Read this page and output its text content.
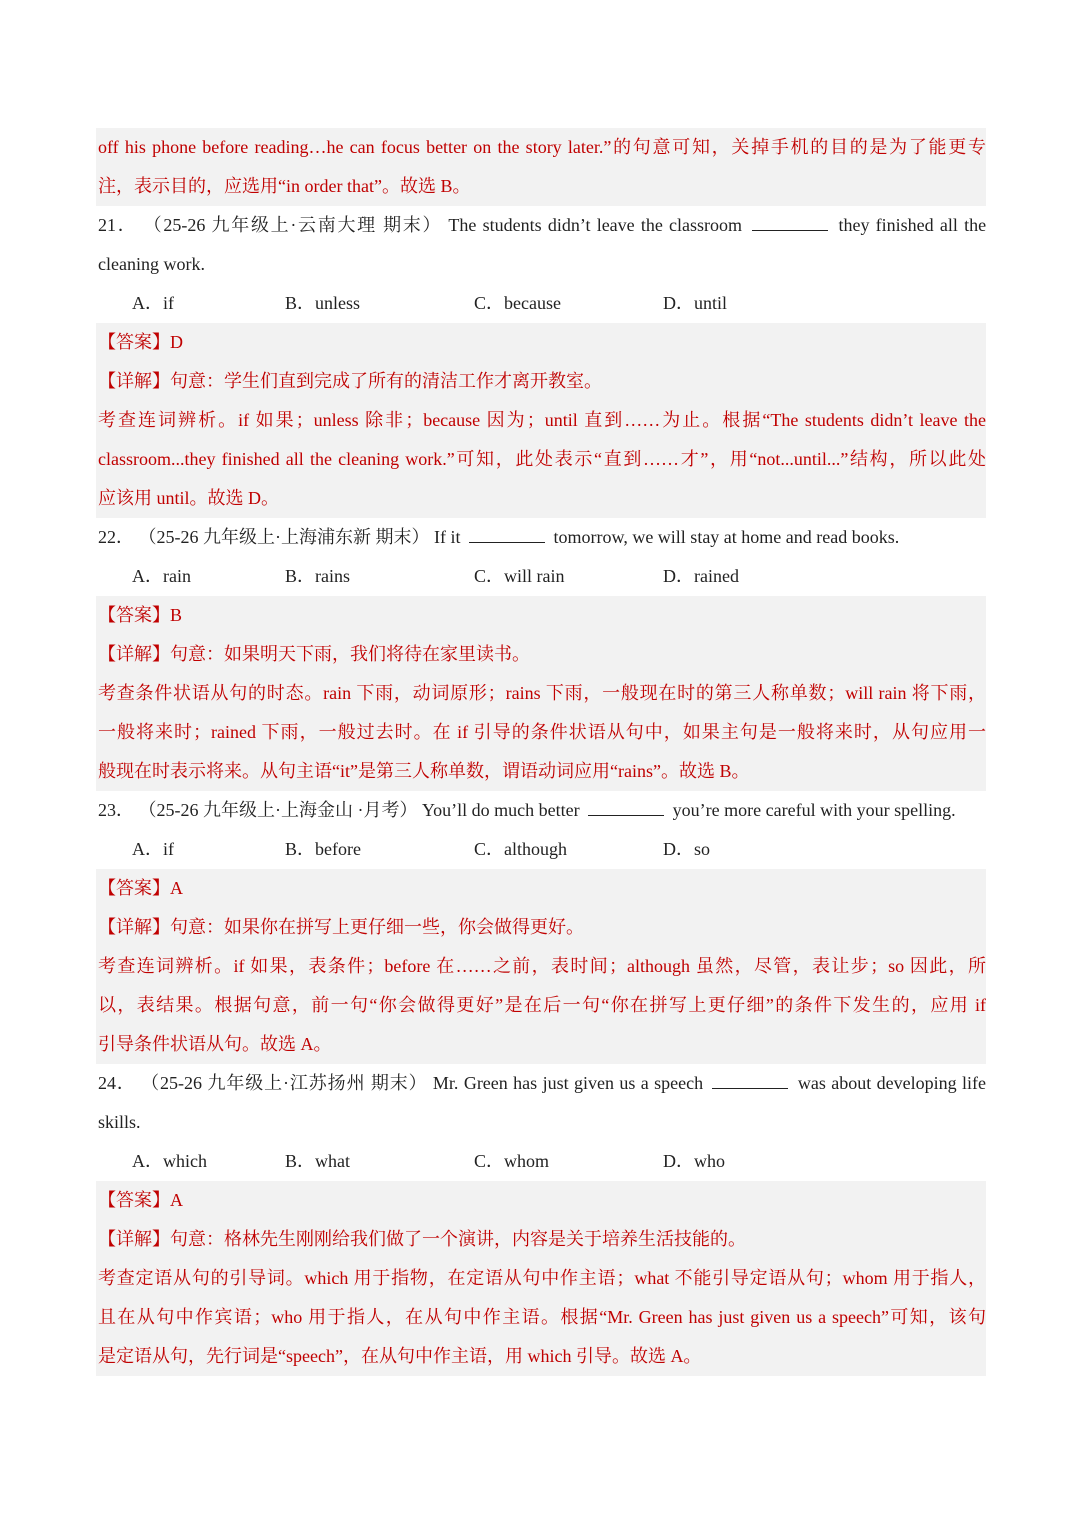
off his phone before reading…he can focus better on the story later.”的句意可知，关掉手机的目的是为了能更专
注，表示目的，应选用“in order that”。故选 B。
21． （25-26 九年级上·云南大理 期末） The students didn’t leave the classroom	they finished all the
cleaning work.
A．if	B．unless	C．because	D．until
【答案】D
【详解】句意：学生们直到完成了所有的清洁工作才离开教室。
考查连词辨析。if 如果；unless 除非；because 因为；until 直到……为止。根据“The students didn’t leave the
classroom...they finished all the cleaning work.”可知，此处表示“直到……才”，用“not...until...”结构，所以此处
应该用 until。故选 D。
22． （25-26 九年级上·上海浦东新 期末） If it	tomorrow, we will stay at home and read books.
A．rain	B．rains	C．will rain	D．rained
【答案】B
【详解】句意：如果明天下雨，我们将待在家里读书。
考查条件状语从句的时态。rain 下雨，动词原形；rains 下雨，一般现在时的第三人称单数；will rain 将下雨，
一般将来时；rained 下雨，一般过去时。在 if 引导的条件状语从句中，如果主句是一般将来时，从句应用一
般现在时表示将来。从句主语“it”是第三人称单数，谓语动词应用“rains”。故选 B。
23． （25-26 九年级上·上海金山 ·月考） You’ll do much better	you’re more careful with your spelling.
A．if	B．before	C．although	D．so
【答案】A
【详解】句意：如果你在拼写上更仔细一些，你会做得更好。
考查连词辨析。if 如果，表条件；before 在……之前，表时间；although 虽然，尽管，表让步；so 因此，所
以，表结果。根据句意，前一句“你会做得更好”是在后一句“你在拼写上更仔细”的条件下发生的，应用 if
引导条件状语从句。故选 A。
24． （25-26 九年级上·江苏扬州 期末） Mr. Green has just given us a speech	was about developing life
skills.
A．which	B．what	C．whom	D．who
【答案】A
【详解】句意：格林先生刚刚给我们做了一个演讲，内容是关于培养生活技能的。
考查定语从句的引导词。which 用于指物，在定语从句中作主语；what 不能引导定语从句；whom 用于指人，
且在从句中作宾语；who 用于指人，在从句中作主语。根据“Mr. Green has just given us a speech”可知，该句
是定语从句，先行词是“speech”，在从句中作主语，用 which 引导。故选 A。
